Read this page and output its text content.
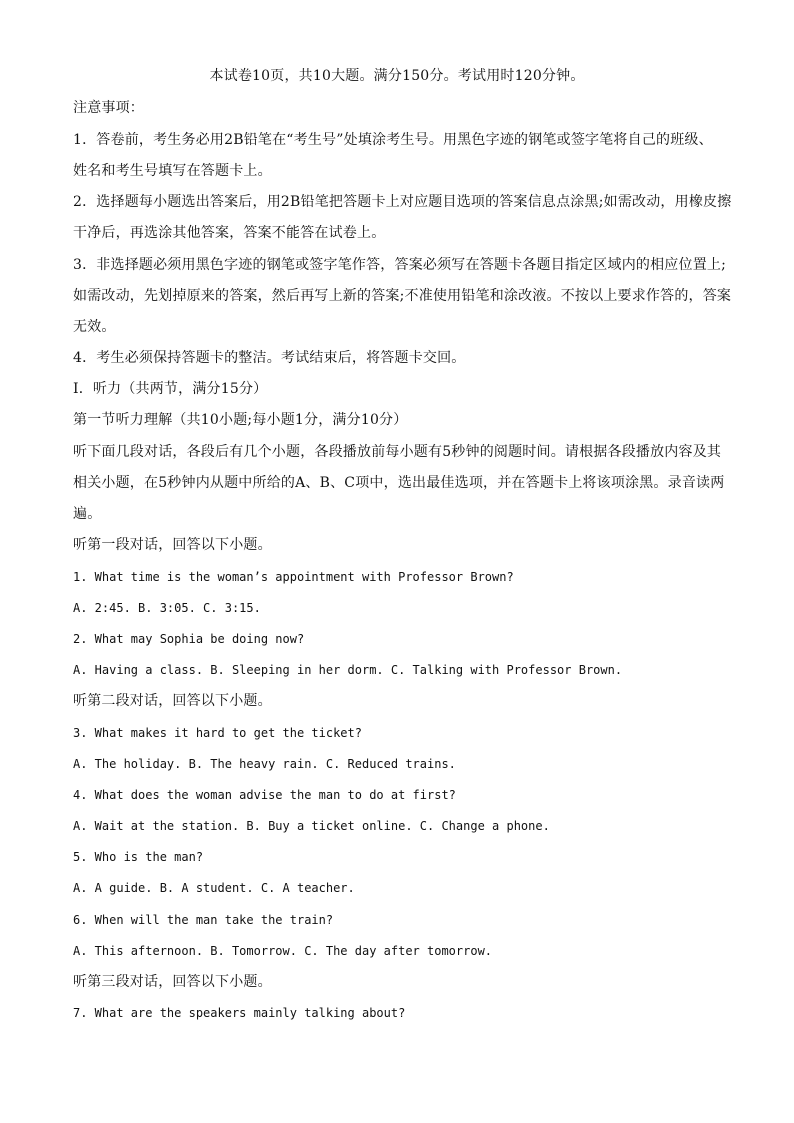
本试卷10页，共10大题。满分150分。考试用时120分钟。
注意事项：
1．答卷前，考生务必用2B铅笔在“考生号”处填涂考生号。用黑色字迹的钢笔或签字笔将自己的班级、
姓名和考生号填写在答题卡上。
2．选择题每小题选出答案后，用2B铅笔把答题卡上对应题目选项的答案信息点涂黑;如需改动，用橡皮擦
干净后，再选涂其他答案，答案不能答在试卷上。
3．非选择题必须用黑色字迹的钢笔或签字笔作答，答案必须写在答题卡各题目指定区域内的相应位置上;
如需改动，先划掉原来的答案，然后再写上新的答案;不准使用铅笔和涂改液。不按以上要求作答的，答案
无效。
4．考生必须保持答题卡的整洁。考试结束后，将答题卡交回。
Ⅰ．听力（共两节，满分15分）
第一节听力理解（共10小题;每小题1分，满分10分）
听下面几段对话，各段后有几个小题，各段播放前每小题有5秒钟的阅题时间。请根据各段播放内容及其
相关小题，在5秒钟内从题中所给的A、B、C项中，选出最佳选项，并在答题卡上将该项涂黑。录音读两
遍。
听第一段对话，回答以下小题。
1. What time is the woman’s appointment with Professor Brown?
A. 2:45. B. 3:05. C. 3:15.
2. What may Sophia be doing now?
A. Having a class. B. Sleeping in her dorm. C. Talking with Professor Brown.
听第二段对话，回答以下小题。
3. What makes it hard to get the ticket?
A. The holiday. B. The heavy rain. C. Reduced trains.
4. What does the woman advise the man to do at first?
A. Wait at the station. B. Buy a ticket online. C. Change a phone.
5. Who is the man?
A. A guide. B. A student. C. A teacher.
6. When will the man take the train?
A. This afternoon. B. Tomorrow. C. The day after tomorrow.
听第三段对话，回答以下小题。
7. What are the speakers mainly talking about?
